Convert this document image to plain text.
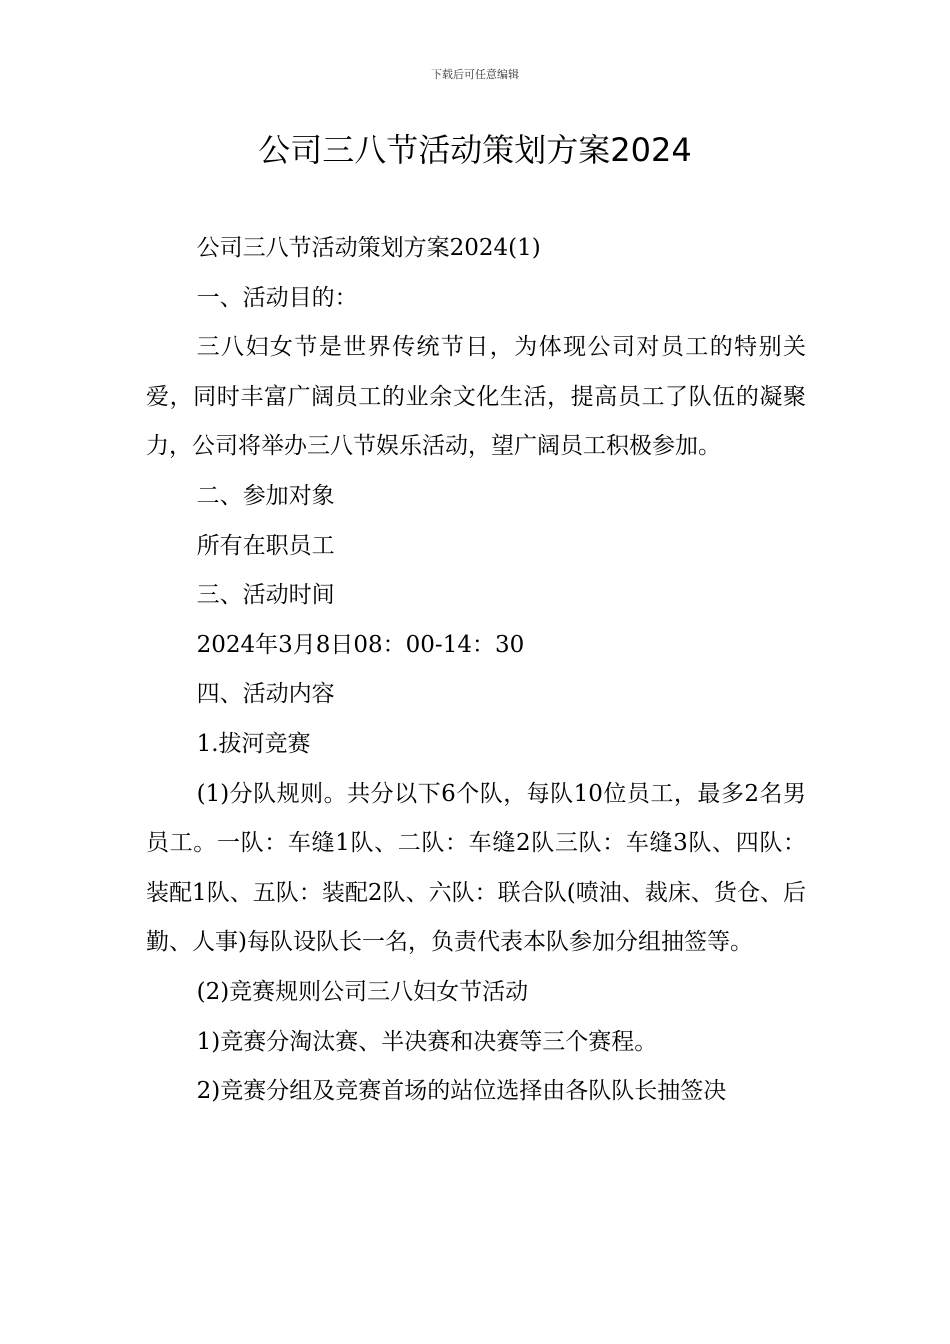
下载后可任意编辑
公司三八节活动策划方案2024

公司三八节活动策划方案2024(1)

一、活动目的：

三八妇女节是世界传统节日，为体现公司对员工的特别关爱，同时丰富广阔员工的业余文化生活，提高员工了队伍的凝聚力，公司将举办三八节娱乐活动，望广阔员工积极参加。

二、参加对象

所有在职员工

三、活动时间

2024年3月8日08：00-14：30

四、活动内容

1.拔河竞赛

(1)分队规则。共分以下6个队，每队10位员工，最多2名男员工。一队：车缝1队、二队：车缝2队三队：车缝3队、四队：装配1队、五队：装配2队、六队：联合队(喷油、裁床、货仓、后勤、人事)每队设队长一名，负责代表本队参加分组抽签等。

(2)竞赛规则公司三八妇女节活动

1)竞赛分淘汰赛、半决赛和决赛等三个赛程。

2)竞赛分组及竞赛首场的站位选择由各队队长抽签决
